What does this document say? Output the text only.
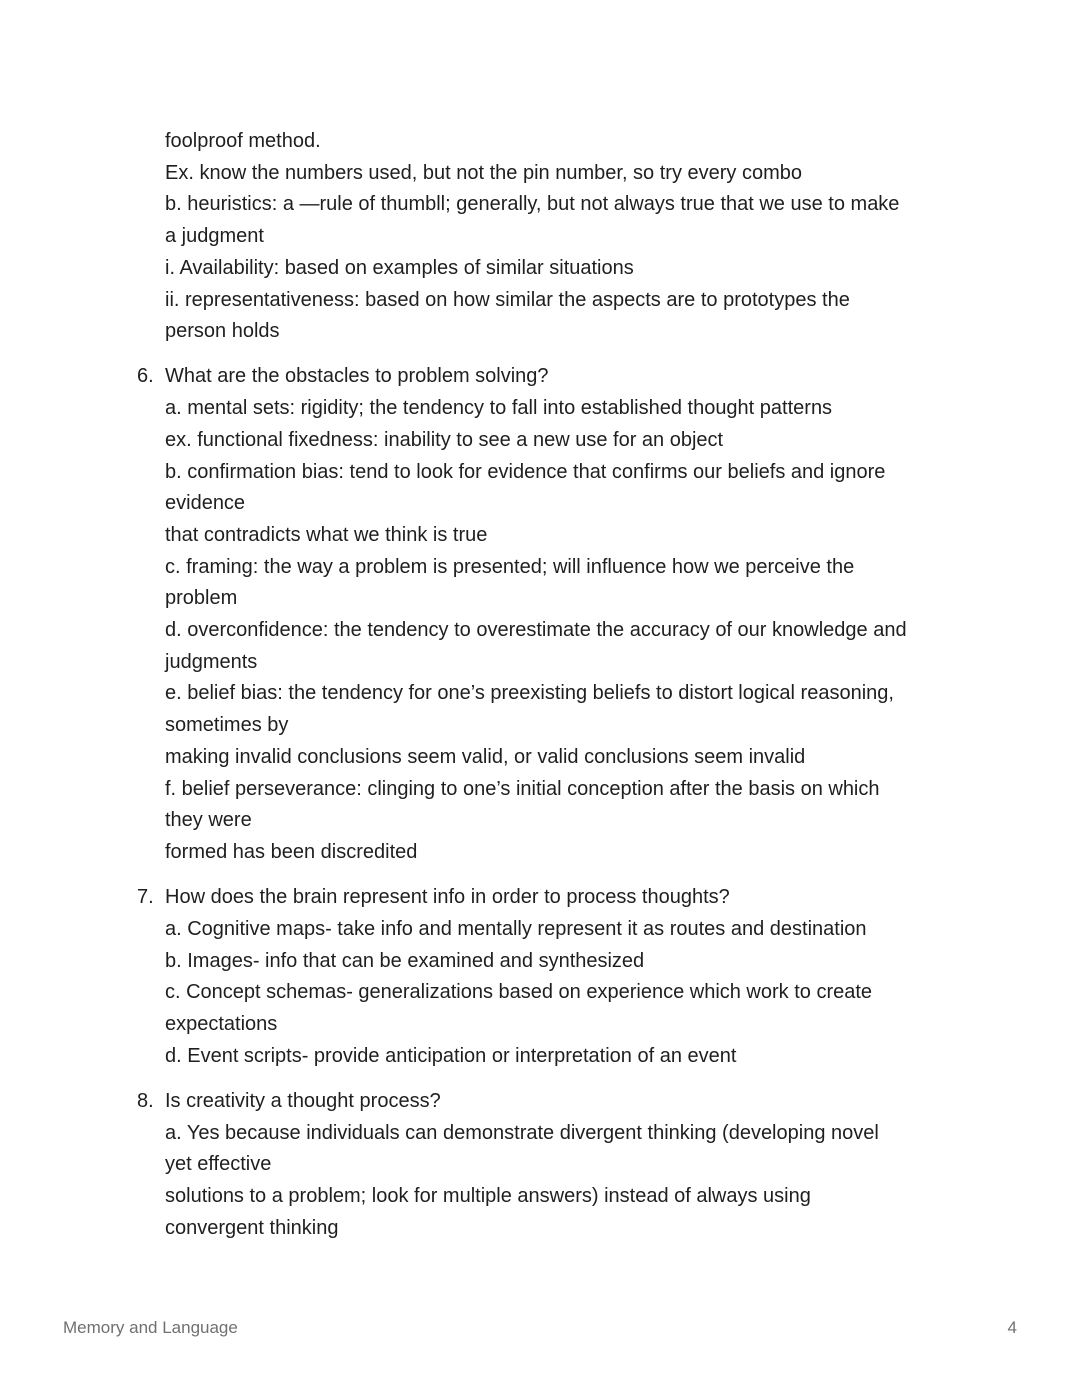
foolproof method.
Ex. know the numbers used, but not the pin number, so try every combo
b. heuristics: a —rule of thumbll; generally, but not always true that we use to make
a judgment
i. Availability: based on examples of similar situations
ii. representativeness: based on how similar the aspects are to prototypes the
person holds
6. What are the obstacles to problem solving?
a. mental sets: rigidity; the tendency to fall into established thought patterns
ex. functional fixedness: inability to see a new use for an object
b. confirmation bias: tend to look for evidence that confirms our beliefs and ignore
evidence
that contradicts what we think is true
c. framing: the way a problem is presented; will influence how we perceive the
problem
d. overconfidence: the tendency to overestimate the accuracy of our knowledge and
judgments
e. belief bias: the tendency for one’s preexisting beliefs to distort logical reasoning,
sometimes by
making invalid conclusions seem valid, or valid conclusions seem invalid
f. belief perseverance: clinging to one’s initial conception after the basis on which
they were
formed has been discredited
7. How does the brain represent info in order to process thoughts?
a. Cognitive maps- take info and mentally represent it as routes and destination
b. Images- info that can be examined and synthesized
c. Concept schemas- generalizations based on experience which work to create
expectations
d. Event scripts- provide anticipation or interpretation of an event
8. Is creativity a thought process?
a. Yes because individuals can demonstrate divergent thinking (developing novel
yet effective
solutions to a problem; look for multiple answers) instead of always using
convergent thinking
Memory and Language	4
